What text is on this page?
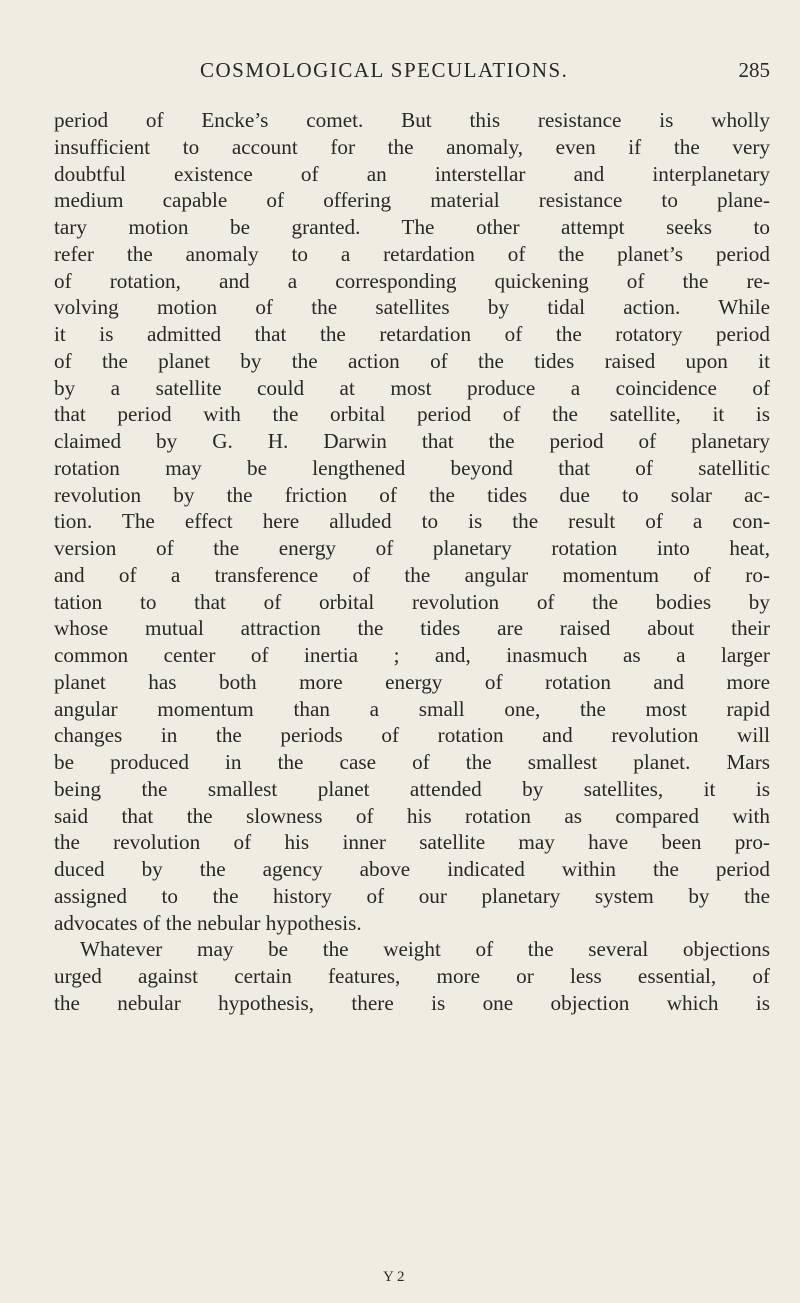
COSMOLOGICAL SPECULATIONS.	285
period of Encke’s comet. But this resistance is wholly
insufficient to account for the anomaly, even if the very
doubtful existence of an interstellar and interplanetary
medium capable of offering material resistance to plane-
tary motion be granted. The other attempt seeks to
refer the anomaly to a retardation of the planet’s period
of rotation, and a corresponding quickening of the re-
volving motion of the satellites by tidal action. While
it is admitted that the retardation of the rotatory period
of the planet by the action of the tides raised upon it
by a satellite could at most produce a coincidence of
that period with the orbital period of the satellite, it is
claimed by G. H. Darwin that the period of planetary
rotation may be lengthened beyond that of satellitic
revolution by the friction of the tides due to solar ac-
tion. The effect here alluded to is the result of a con-
version of the energy of planetary rotation into heat,
and of a transference of the angular momentum of ro-
tation to that of orbital revolution of the bodies by
whose mutual attraction the tides are raised about their
common center of inertia ; and, inasmuch as a larger
planet has both more energy of rotation and more
angular momentum than a small one, the most rapid
changes in the periods of rotation and revolution will
be produced in the case of the smallest planet. Mars
being the smallest planet attended by satellites, it is
said that the slowness of his rotation as compared with
the revolution of his inner satellite may have been pro-
duced by the agency above indicated within the period
assigned to the history of our planetary system by the
advocates of the nebular hypothesis.
Whatever may be the weight of the several objections
urged against certain features, more or less essential, of
the nebular hypothesis, there is one objection which is
Y 2
